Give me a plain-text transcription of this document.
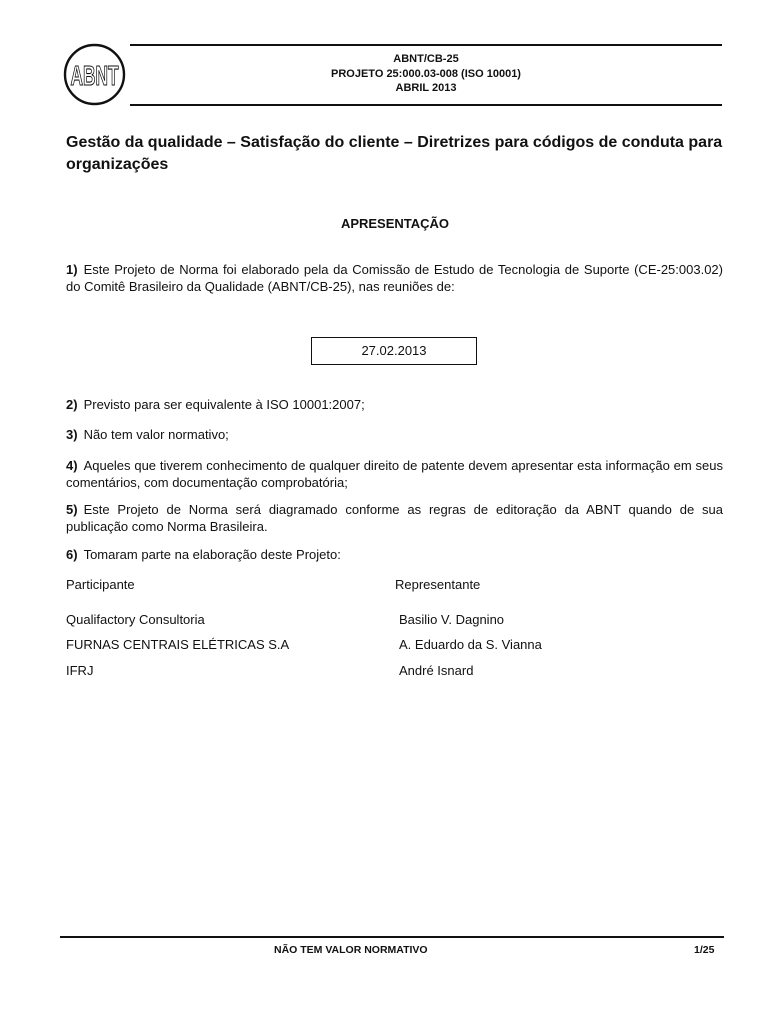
ABNT
ABNT/CB-25
PROJETO 25:000.03-008 (ISO 10001)
ABRIL 2013
Gestão da qualidade – Satisfação do cliente – Diretrizes para códigos de conduta para organizações
APRESENTAÇÃO
1) Este Projeto de Norma foi elaborado pela da Comissão de Estudo de Tecnologia de Suporte (CE-25:003.02) do Comitê Brasileiro da Qualidade (ABNT/CB-25), nas reuniões de:
27.02.2013
2) Previsto para ser equivalente à ISO 10001:2007;
3) Não tem valor normativo;
4) Aqueles que tiverem conhecimento de qualquer direito de patente devem apresentar esta informação em seus comentários, com documentação comprobatória;
5) Este Projeto de Norma será diagramado conforme as regras de editoração da ABNT quando de sua publicação como Norma Brasileira.
6) Tomaram parte na elaboração deste Projeto:
Participante	Representante
Qualifactory Consultoria	Basilio V. Dagnino
FURNAS CENTRAIS ELÉTRICAS S.A	A. Eduardo da S. Vianna
IFRJ	André Isnard
NÃO TEM VALOR NORMATIVO	1/25
